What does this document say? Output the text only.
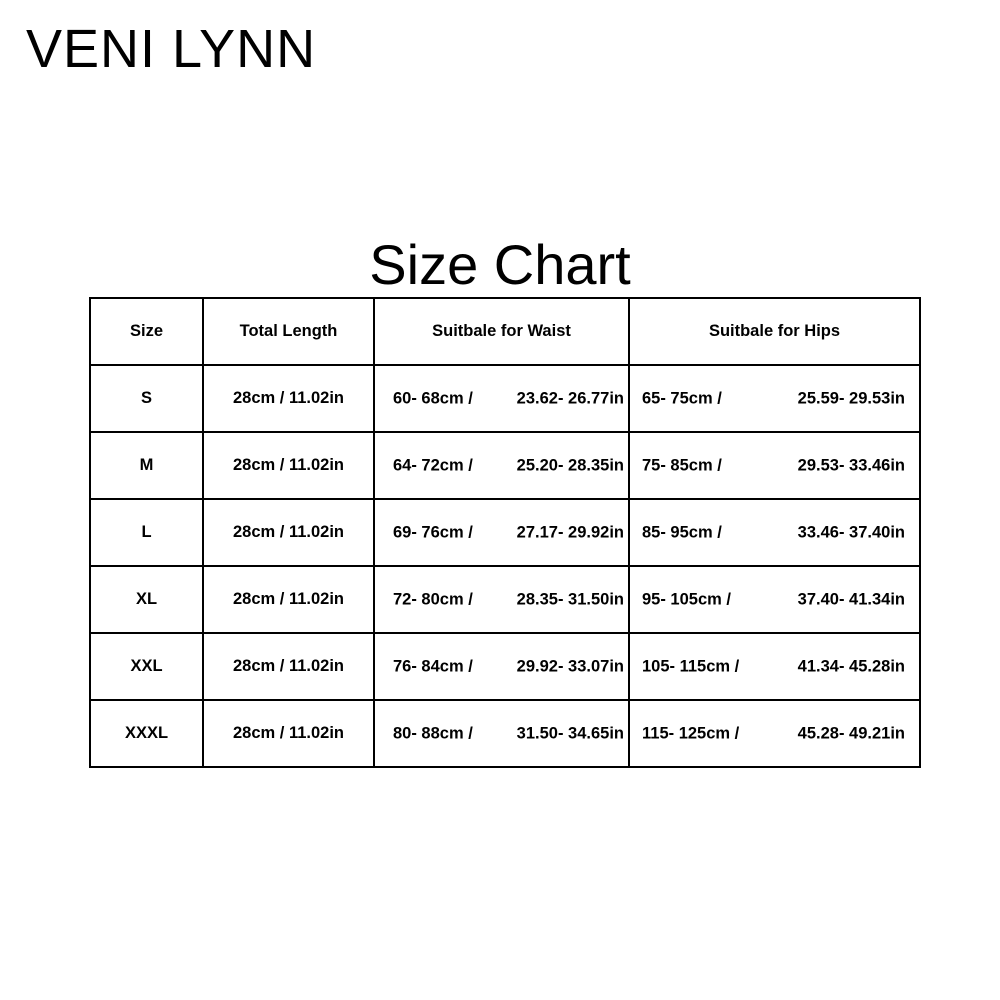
VENI LYNN
Size Chart
Size	Total Length	Suitbale for Waist	Suitbale for Hips
S	28cm / 11.02in	60- 68cm / 23.62- 26.77in	65- 75cm / 25.59- 29.53in

M	28cm / 11.02in	64- 72cm / 25.20- 28.35in	75- 85cm / 29.53- 33.46in

L	28cm / 11.02in	69- 76cm / 27.17- 29.92in	85- 95cm / 33.46- 37.40in

XL	28cm / 11.02in	72- 80cm / 28.35- 31.50in	95- 105cm / 37.40- 41.34in

XXL	28cm / 11.02in	76- 84cm / 29.92- 33.07in	105- 115cm / 41.34- 45.28in

XXXL	28cm / 11.02in	80- 88cm / 31.50- 34.65in	115- 125cm / 45.28- 49.21in
